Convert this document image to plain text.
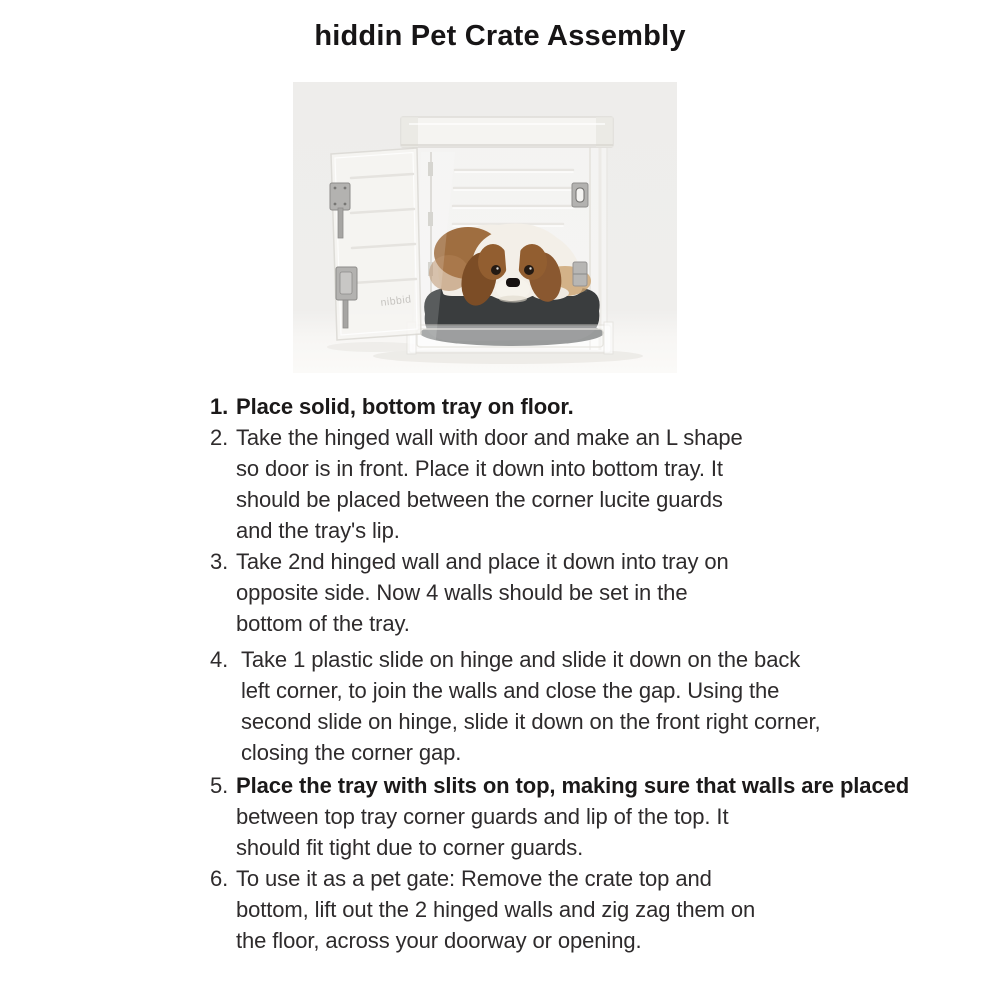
hiddin Pet Crate Assembly
nibbid
1. Place solid, bottom tray on floor.
2. Take the hinged wall with door and make an L shape
so door is in front. Place it down into bottom tray. It
should be placed between the corner lucite guards
and the tray's lip.
3. Take 2nd hinged wall and place it down into tray on
opposite side. Now 4 walls should be set in the
bottom of the tray.
4. Take 1 plastic slide on hinge and slide it down on the back
left corner, to join the walls and close the gap. Using the
second slide on hinge, slide it down on the front right corner,
closing the corner gap.
5. Place the tray with slits on top, making sure that walls are placed
between top tray corner guards and lip of the top. It
should fit tight due to corner guards.
6. To use it as a pet gate: Remove the crate top and
bottom, lift out the 2 hinged walls and zig zag them on
the floor, across your doorway or opening.
